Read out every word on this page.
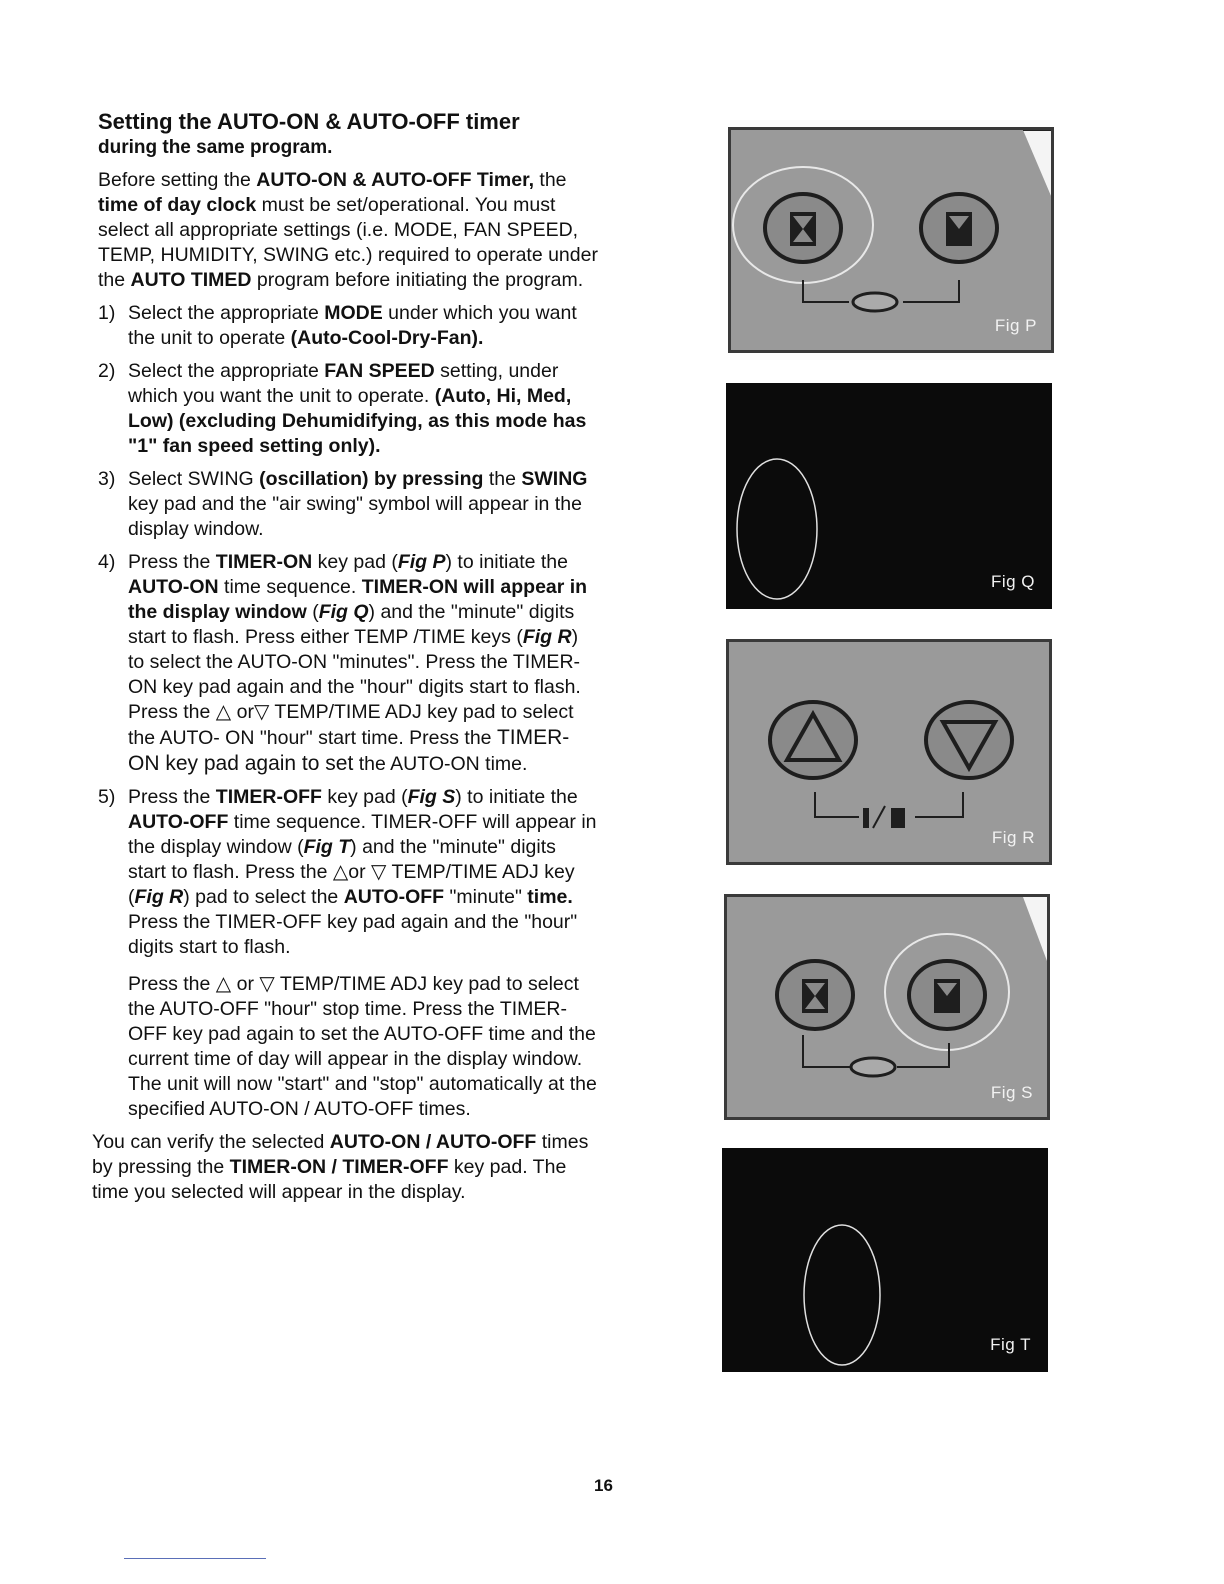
Setting the AUTO-ON & AUTO-OFF timer
during the same program.

Before setting the AUTO-ON & AUTO-OFF Timer, the time of day clock must be set/operational. You must select all appropriate settings (i.e. MODE, FAN SPEED, TEMP, HUMIDITY, SWING etc.) required to operate under the AUTO TIMED program before initiating the program.

1) Select the appropriate MODE under which you want the unit to operate (Auto-Cool-Dry-Fan).
2) Select the appropriate FAN SPEED setting, under which you want the unit to operate. (Auto, Hi, Med, Low) (excluding Dehumidifying, as this mode has "1" fan speed setting only).
3) Select SWING (oscillation) by pressing the SWING key pad and the "air swing" symbol will appear in the display window.
4) Press the TIMER-ON key pad (Fig P) to initiate the AUTO-ON time sequence. TIMER-ON will appear in the display window (Fig Q) and the "minute" digits start to flash. Press either TEMP /TIME keys (Fig R) to select the AUTO-ON "minutes". Press the TIMER-ON key pad again and the "hour" digits start to flash. Press the △ or▽ TEMP/TIME ADJ key pad to select the AUTO- ON "hour" start time. Press the TIMER-ON key pad again to set the AUTO-ON time.
5) Press the TIMER-OFF key pad (Fig S) to initiate the AUTO-OFF time sequence. TIMER-OFF will appear in the display window (Fig T) and the "minute" digits start to flash. Press the △or ▽ TEMP/TIME ADJ key (Fig R) pad to select the AUTO-OFF "minute" time. Press the TIMER-OFF key pad again and the "hour" digits start to flash.

Press the △ or ▽ TEMP/TIME ADJ key pad to select the AUTO-OFF "hour" stop time. Press the TIMER-OFF key pad again to set the AUTO-OFF time and the current time of day will appear in the display window. The unit will now "start" and "stop" automatically at the specified AUTO-ON / AUTO-OFF times.

You can verify the selected AUTO-ON / AUTO-OFF times by pressing the TIMER-ON / TIMER-OFF key pad. The time you selected will appear in the display.

Fig P
Fig Q
Fig R
Fig S
Fig T
16
